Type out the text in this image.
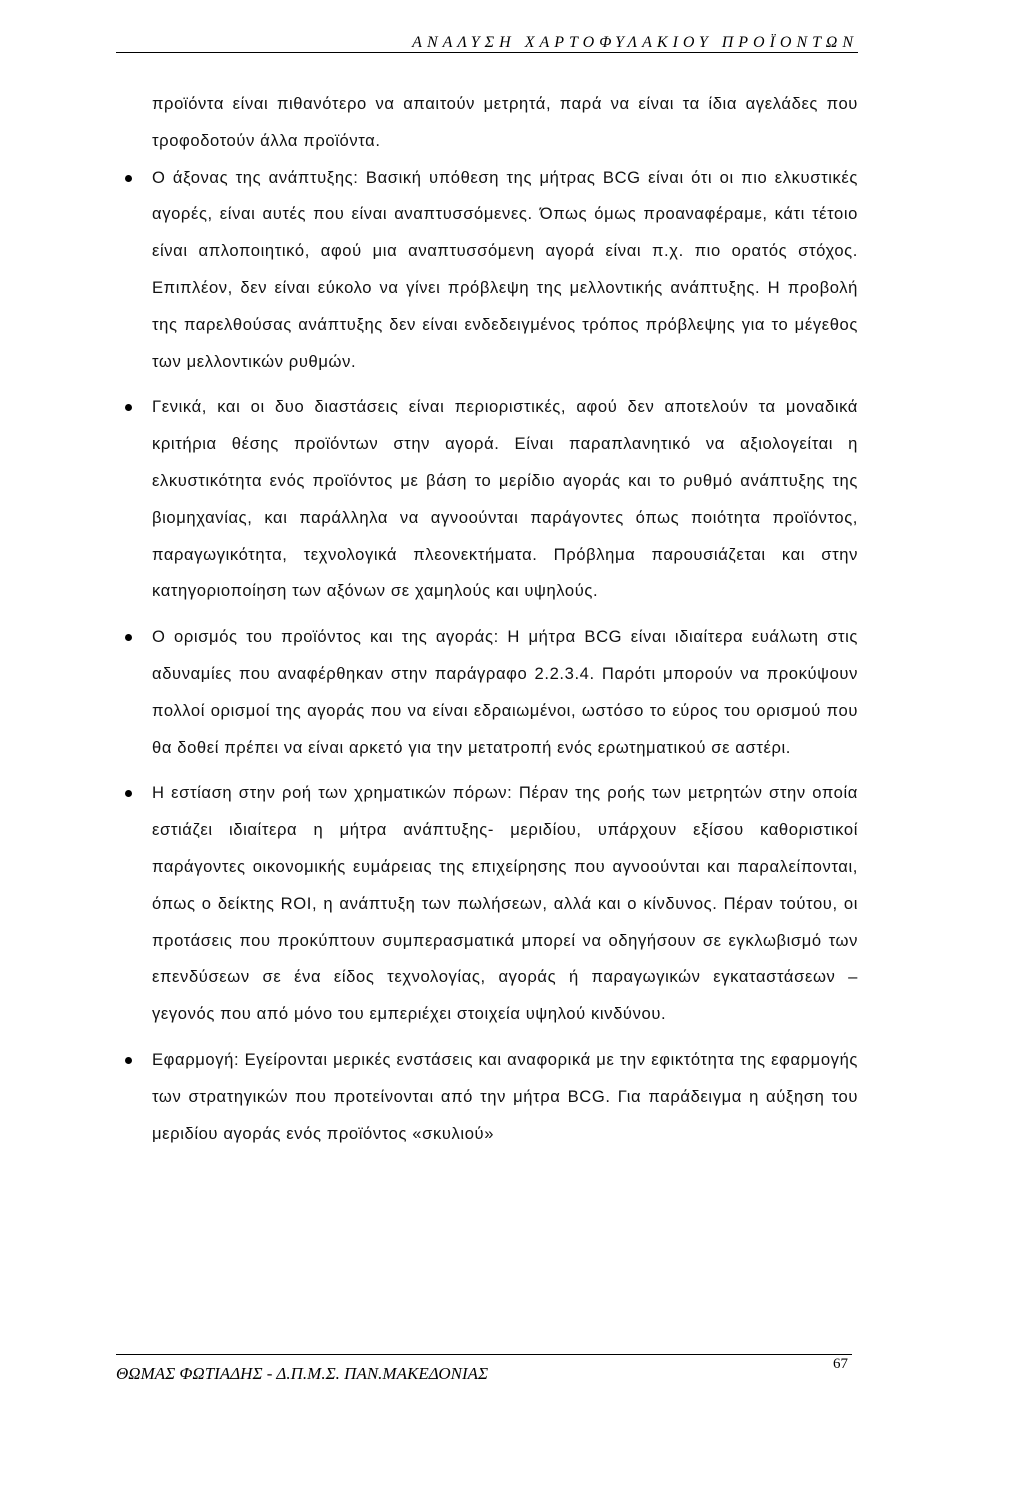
ΑΝΑΛΥΣΗ ΧΑΡΤΟΦΥΛΑΚΙΟΥ ΠΡΟΪΟΝΤΩΝ

προϊόντα είναι πιθανότερο να απαιτούν μετρητά, παρά να είναι τα ίδια αγελάδες που τροφοδοτούν άλλα προϊόντα.

Ο άξονας της ανάπτυξης: Βασική υπόθεση της μήτρας BCG είναι ότι οι πιο ελκυστικές αγορές, είναι αυτές που είναι αναπτυσσόμενες. Όπως όμως προαναφέραμε, κάτι τέτοιο είναι απλοποιητικό, αφού μια αναπτυσσόμενη αγορά είναι π.χ. πιο ορατός στόχος. Επιπλέον, δεν είναι εύκολο να γίνει πρόβλεψη της μελλοντικής ανάπτυξης. Η προβολή της παρελθούσας ανάπτυξης δεν είναι ενδεδειγμένος τρόπος πρόβλεψης για το μέγεθος των μελλοντικών ρυθμών.
Γενικά, και οι δυο διαστάσεις είναι περιοριστικές, αφού δεν αποτελούν τα μοναδικά κριτήρια θέσης προϊόντων στην αγορά. Είναι παραπλανητικό να αξιολογείται η ελκυστικότητα ενός προϊόντος με βάση το μερίδιο αγοράς και το ρυθμό ανάπτυξης της βιομηχανίας, και παράλληλα να αγνοούνται παράγοντες όπως ποιότητα προϊόντος, παραγωγικότητα, τεχνολογικά πλεονεκτήματα. Πρόβλημα παρουσιάζεται και στην κατηγοριοποίηση των αξόνων σε χαμηλούς και υψηλούς.
Ο ορισμός του προϊόντος και της αγοράς: Η μήτρα BCG είναι ιδιαίτερα ευάλωτη στις αδυναμίες που αναφέρθηκαν στην παράγραφο 2.2.3.4. Παρότι μπορούν να προκύψουν πολλοί ορισμοί της αγοράς που να είναι εδραιωμένοι, ωστόσο το εύρος του ορισμού που θα δοθεί πρέπει να είναι αρκετό για την μετατροπή ενός ερωτηματικού σε αστέρι.
Η εστίαση στην ροή των χρηματικών πόρων: Πέραν της ροής των μετρητών στην οποία εστιάζει ιδιαίτερα η μήτρα ανάπτυξης- μεριδίου, υπάρχουν εξίσου καθοριστικοί παράγοντες οικονομικής ευμάρειας της επιχείρησης που αγνοούνται και παραλείπονται, όπως ο δείκτης ROI, η ανάπτυξη των πωλήσεων, αλλά και ο κίνδυνος. Πέραν τούτου, οι προτάσεις που προκύπτουν συμπερασματικά μπορεί να οδηγήσουν σε εγκλωβισμό των επενδύσεων σε ένα είδος τεχνολογίας, αγοράς ή παραγωγικών εγκαταστάσεων – γεγονός που από μόνο του εμπεριέχει στοιχεία υψηλού κινδύνου.
Εφαρμογή: Εγείρονται μερικές ενστάσεις και αναφορικά με την εφικτότητα της εφαρμογής των στρατηγικών που προτείνονται από την μήτρα BCG. Για παράδειγμα η αύξηση του μεριδίου αγοράς ενός προϊόντος «σκυλιού»
ΘΩΜΑΣ ΦΩΤΙΑΔΗΣ - Δ.Π.Μ.Σ. ΠΑΝ.ΜΑΚΕΔΟΝΙΑΣ	67
